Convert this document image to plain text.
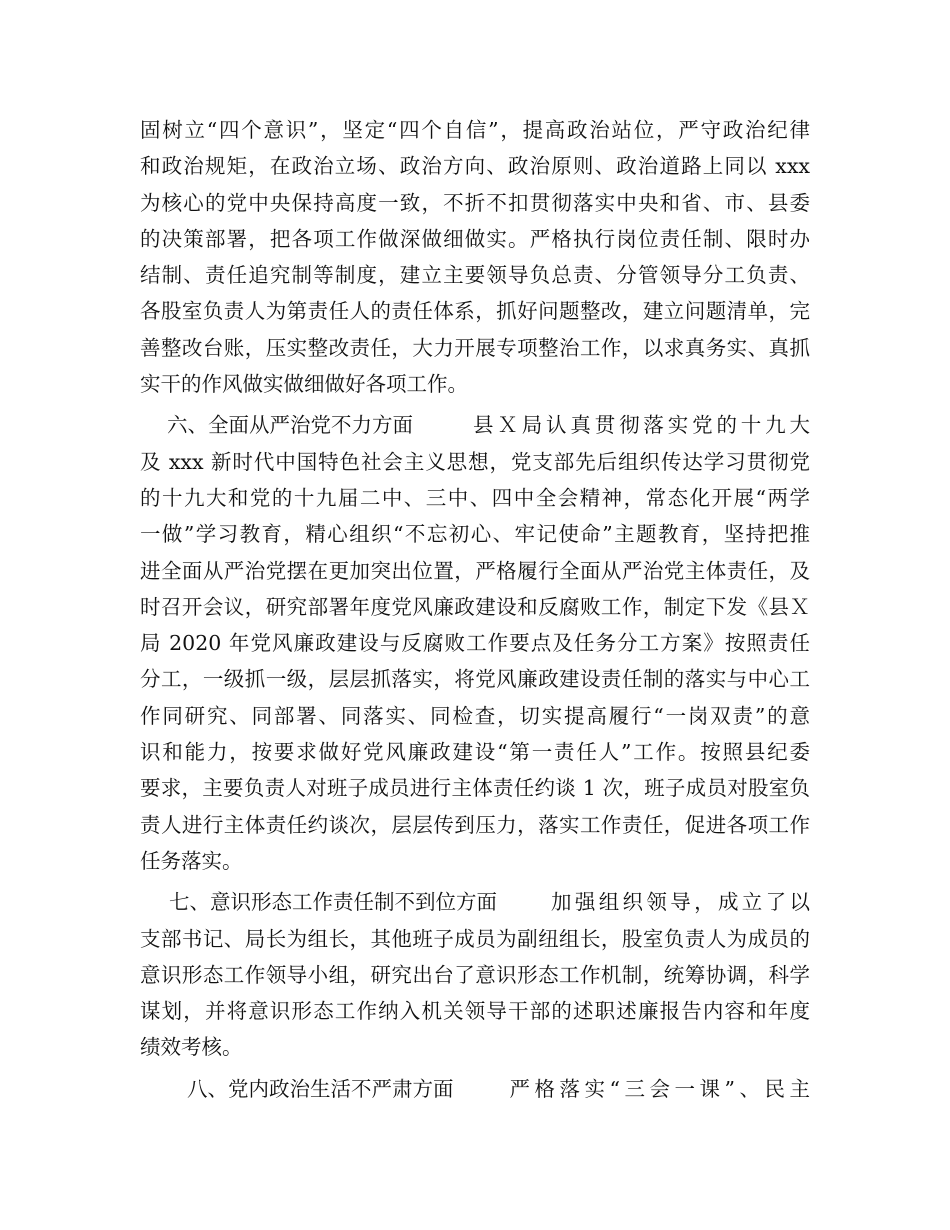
固树立“四个意识”，坚定“四个自信”，提高政治站位，严守政治纪律
和政治规矩，在政治立场、政治方向、政治原则、政治道路上同以 xxx
为核心的党中央保持高度一致，不折不扣贯彻落实中央和省、市、县委
的决策部署，把各项工作做深做细做实。严格执行岗位责任制、限时办
结制、责任追究制等制度，建立主要领导负总责、分管领导分工负责、
各股室负责人为第责任人的责任体系，抓好问题整改，建立问题清单，完
善整改台账，压实整改责任，大力开展专项整治工作，以求真务实、真抓
实干的作风做实做细做好各项工作。
六、全面从严治党不力方面	县Ｘ局认真贯彻落实党的十九大
及 xxx 新时代中国特色社会主义思想，党支部先后组织传达学习贯彻党
的十九大和党的十九届二中、三中、四中全会精神，常态化开展“两学
一做”学习教育，精心组织“不忘初心、牢记使命”主题教育，坚持把推
进全面从严治党摆在更加突出位置，严格履行全面从严治党主体责任，及
时召开会议，研究部署年度党风廉政建设和反腐败工作，制定下发《县Ｘ
局 2020 年党风廉政建设与反腐败工作要点及任务分工方案》按照责任
分工，一级抓一级，层层抓落实，将党风廉政建设责任制的落实与中心工
作同研究、同部署、同落实、同检查，切实提高履行“一岗双责”的意
识和能力，按要求做好党风廉政建设“第一责任人”工作。按照县纪委
要求，主要负责人对班子成员进行主体责任约谈 1 次，班子成员对股室负
责人进行主体责任约谈次，层层传到压力，落实工作责任，促进各项工作
任务落实。
七、意识形态工作责任制不到位方面	加强组织领导，成立了以
支部书记、局长为组长，其他班子成员为副纽组长，股室负责人为成员的
意识形态工作领导小组，研究出台了意识形态工作机制，统筹协调，科学
谋划，并将意识形态工作纳入机关领导干部的述职述廉报告内容和年度
绩效考核。
八、党内政治生活不严肃方面	严格落实“三会一课”、民主
